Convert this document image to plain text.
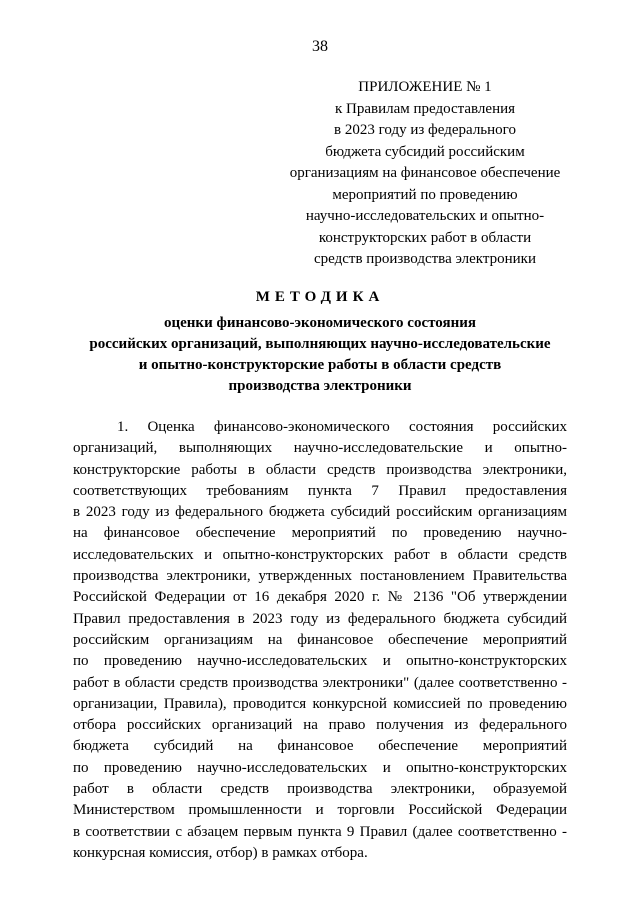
38
ПРИЛОЖЕНИЕ № 1
к Правилам предоставления
в 2023 году из федерального
бюджета субсидий российским
организациям на финансовое обеспечение
мероприятий по проведению
научно-исследовательских и опытно-
конструкторских работ в области
средств производства электроники
МЕТОДИКА
оценки финансово-экономического состояния
российских организаций, выполняющих научно-исследовательские
и опытно-конструкторские работы в области средств
производства электроники
1. Оценка финансово-экономического состояния российских
организаций, выполняющих научно-исследовательские и опытно-
конструкторские работы в области средств производства электроники,
соответствующих требованиям пункта 7 Правил предоставления
в 2023 году из федерального бюджета субсидий российским организациям
на финансовое обеспечение мероприятий по проведению научно-
исследовательских и опытно-конструкторских работ в области средств
производства электроники, утвержденных постановлением Правительства
Российской Федерации от 16 декабря 2020 г. № 2136 "Об утверждении
Правил предоставления в 2023 году из федерального бюджета субсидий
российским организациям на финансовое обеспечение мероприятий
по проведению научно-исследовательских и опытно-конструкторских
работ в области средств производства электроники" (далее соответственно -
организации, Правила), проводится конкурсной комиссией по проведению
отбора российских организаций на право получения из федерального
бюджета субсидий на финансовое обеспечение мероприятий
по проведению научно-исследовательских и опытно-конструкторских
работ в области средств производства электроники, образуемой
Министерством промышленности и торговли Российской Федерации
в соответствии с абзацем первым пункта 9 Правил (далее соответственно -
конкурсная комиссия, отбор) в рамках отбора.
